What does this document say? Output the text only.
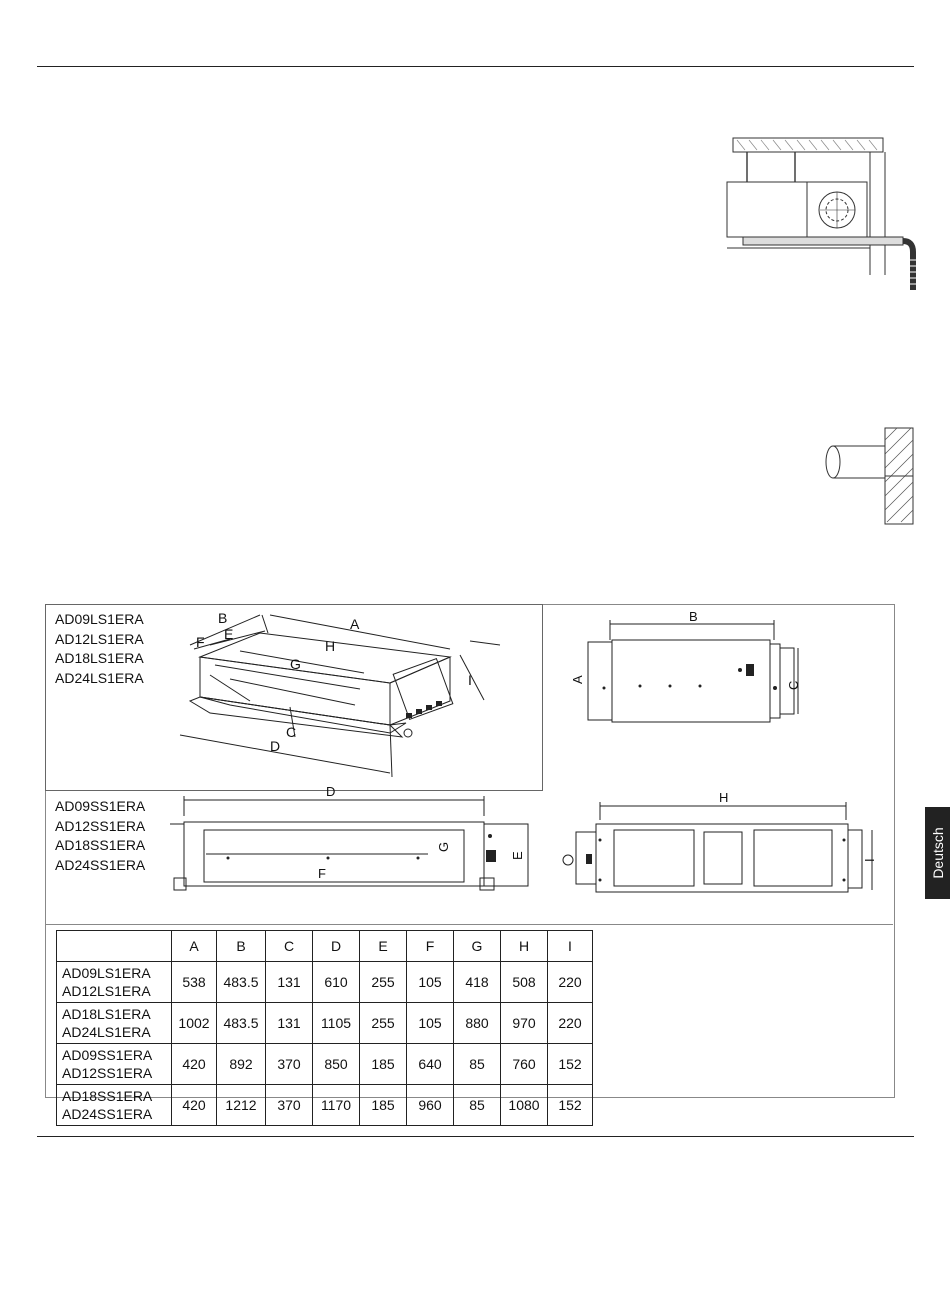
AD09LS1ERA
AD12LS1ERA
AD18LS1ERA
AD24LS1ERA
B	A
F E
H
G
I
C
D
B
A
C
AD09SS1ERA
AD12SS1ERA
AD18SS1ERA
AD24SS1ERA
D
F
G
E
H
I
	A	B	C	D	E	F	G	H	I

AD09LS1ERA
AD12LS1ERA	538	483.5	131	610	255	105	418	508	220

AD18LS1ERA
AD24LS1ERA	1002	483.5	131	1105	255	105	880	970	220

AD09SS1ERA
AD12SS1ERA	420	892	370	850	185	640	85	760	152

AD18SS1ERA
AD24SS1ERA	420	1212	370	1170	185	960	85	1080	152
Deutsch
